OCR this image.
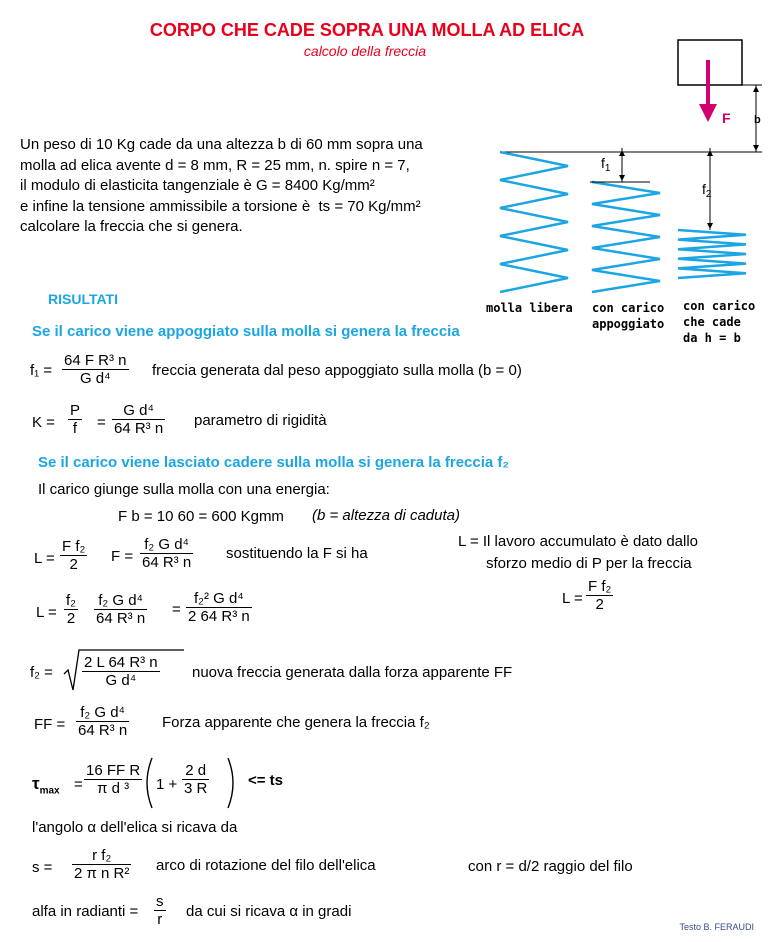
CORPO CHE CADE SOPRA UNA MOLLA AD ELICA
calcolo della freccia
Un peso di 10 Kg cade da una altezza b di 60 mm sopra una
molla ad elica avente d = 8 mm, R = 25 mm, n. spire n = 7,
il modulo di elasticita tangenziale è G = 8400 Kg/mm²
e infine la tensione ammissibile a torsione è ts = 70 Kg/mm²
calcolare la freccia che si genera.
F b
$f_1$
$f_2$
molla libera con carico
appoggiato
con carico
che cade
da h = b
RISULTATI
Se il carico viene appoggiato sulla molla si genera la freccia
$f_1 = \frac{\text{64 F R³ n}}{\text{G d⁴}}$ freccia generata dal peso appoggiato sulla molla (b = 0)
$K = \frac{P}{f} = \frac{\text{G d⁴}}{\text{64 R³ n}}$ parametro di rigidità
Se il carico viene lasciato cadere sulla molla si genera la freccia f₂
Il carico giunge sulla molla con una energia:
F b = 10 60 = 600 Kgmm (b = altezza di caduta)
$L = \frac{\text{F f₂}}{2}$ $F = \frac{\text{f₂ G d⁴}}{\text{64 R³ n}}$ sostituendo la F si ha
L = Il lavoro accumulato è dato dallo
sforzo medio di P per la freccia
$L = \frac{\text{F f₂}}{2}$
$L = \frac{\text{f₂}}{2} \frac{\text{f₂ G d⁴}}{\text{64 R³ n}} = \frac{\text{f₂² G d⁴}}{\text{2 64 R³ n}}$
$f_2 = \frac{\text{2 L 64 R³ n}}{\text{G d⁴}}$ nuova freccia generata dalla forza apparente FF
FF = $\frac{\text{f₂ G d⁴}}{\text{64 R³ n}}$ Forza apparente che genera la freccia f₂
$\tau_{max} = \frac{\text{16 FF R}}{\text{π d ³}} 1 + \frac{2 d}{3 R}$	<= ts
l'angolo α dell'elica si ricava da
$s = \frac{\text{r f₂}}{\text{2 π n R²}}$ arco di rotazione del filo dell'elica	con r = d/2 raggio del filo
alfa in radianti = $\frac{s}{r}$ da cui si ricava α in gradi
Testo B. FERAUDI
